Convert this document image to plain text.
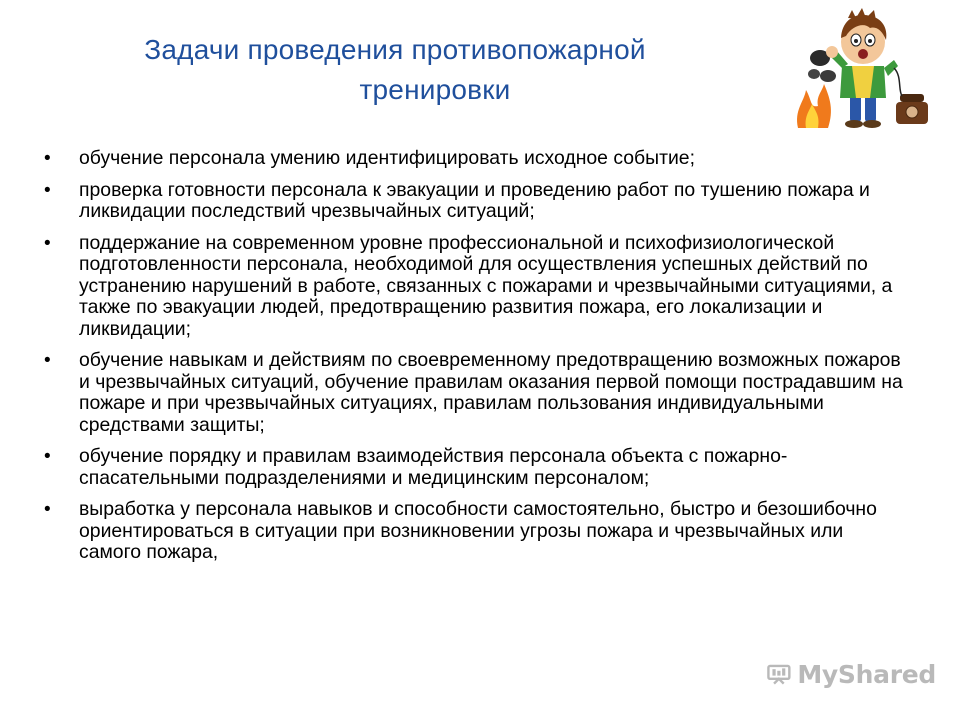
Задачи проведения противопожарной
тренировки
•	обучение персонала умению идентифицировать исходное событие;
•	проверка готовности персонала к эвакуации и проведению работ по тушению пожара и ликвидации последствий чрезвычайных ситуаций;
•	поддержание на современном уровне профессиональной и психофизиологической подготовленности персонала, необходимой для осуществления успешных действий по устранению нарушений в работе, связанных с пожарами и чрезвычайными ситуациями, а также по эвакуации людей, предотвращению развития пожара, его локализации и ликвидации;
•	обучение навыкам и действиям по своевременному предотвращению возможных пожаров и чрезвычайных ситуаций, обучение правилам оказания первой помощи пострадавшим на пожаре и при чрезвычайных ситуациях, правилам пользования индивидуальными средствами защиты;
•	обучение порядку и правилам взаимодействия персонала объекта с пожарно-спасательными подразделениями и медицинским персоналом;
•	выработка у персонала навыков и способности самостоятельно, быстро и безошибочно ориентироваться в ситуации при возникновении угрозы пожара и чрезвычайных или самого пожара,
MyShared
